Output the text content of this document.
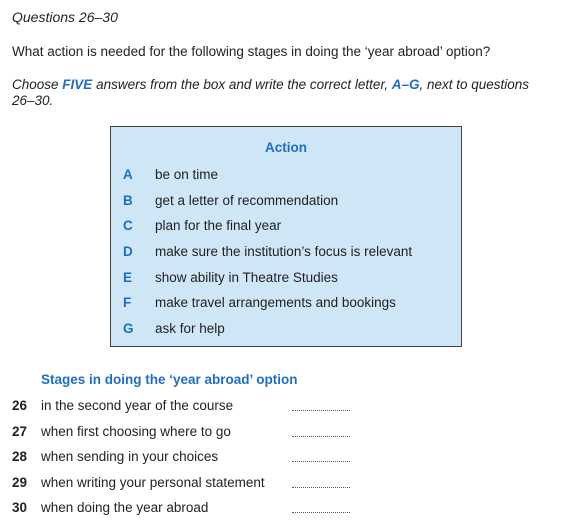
Questions 26–30
What action is needed for the following stages in doing the ‘year abroad’ option?
Choose FIVE answers from the box and write the correct letter, A–G, next to questions 26–30.
Action
A	be on time
B	get a letter of recommendation
C	plan for the final year
D	make sure the institution’s focus is relevant
E	show ability in Theatre Studies
F	make travel arrangements and bookings
G ask for help
Stages in doing the ‘year abroad’ option
26 in the second year of the course
27 when first choosing where to go
28 when sending in your choices
29 when writing your personal statement
30 when doing the year abroad
